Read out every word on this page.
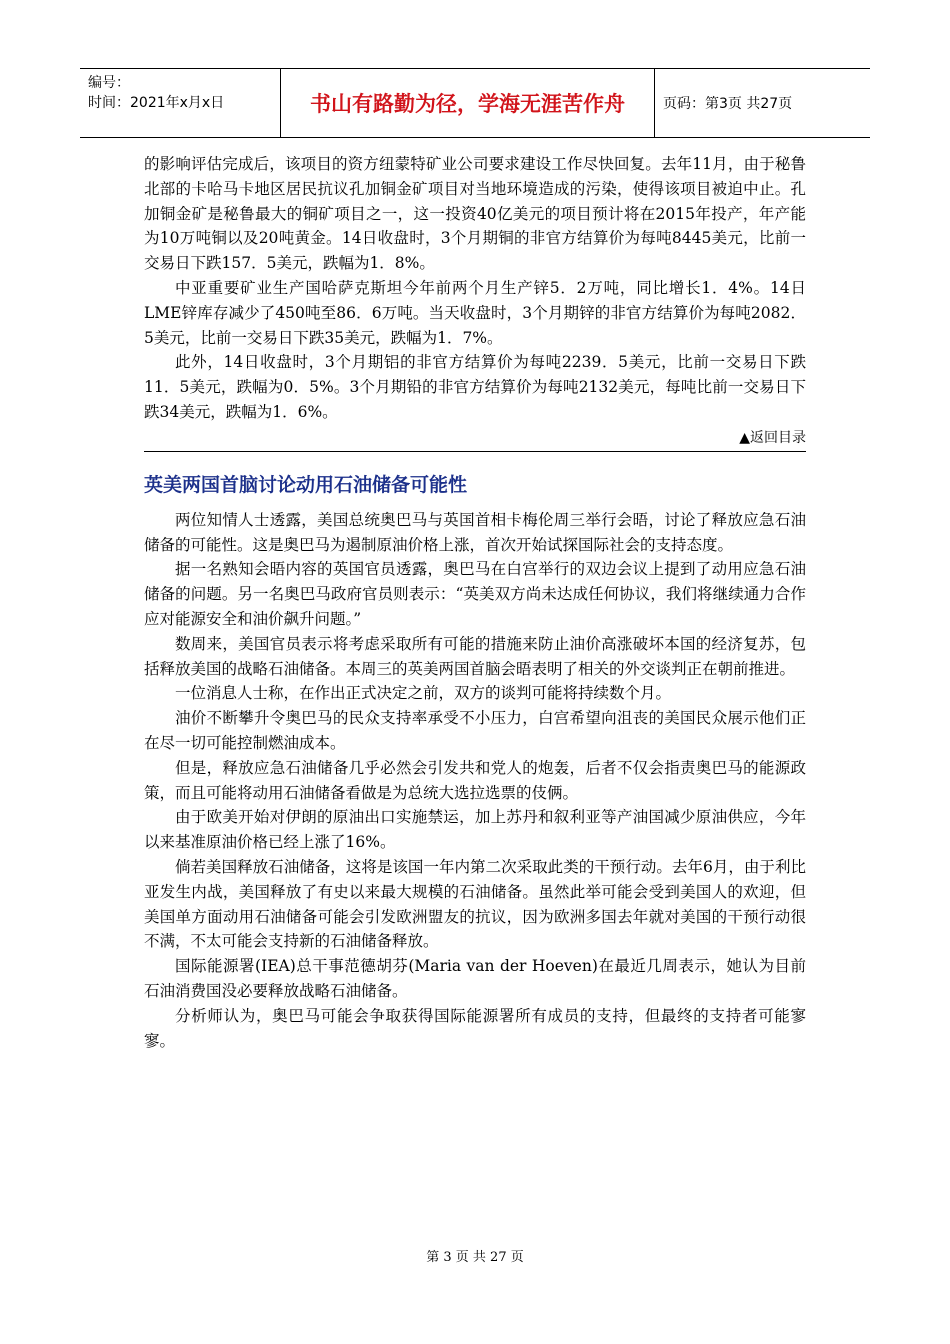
编号：
时间：2021年x月x日	书山有路勤为径，学海无涯苦作舟	页码：第3页 共27页

的影响评估完成后，该项目的资方纽蒙特矿业公司要求建设工作尽快回复。去年11月，由于秘鲁北部的卡哈马卡地区居民抗议孔加铜金矿项目对当地环境造成的污染，使得该项目被迫中止。孔加铜金矿是秘鲁最大的铜矿项目之一，这一投资40亿美元的项目预计将在2015年投产，年产能为10万吨铜以及20吨黄金。14日收盘时，3个月期铜的非官方结算价为每吨8445美元，比前一交易日下跌157．5美元，跌幅为1．8%。

中亚重要矿业生产国哈萨克斯坦今年前两个月生产锌5．2万吨，同比增长1．4%。14日LME锌库存减少了450吨至86．6万吨。当天收盘时，3个月期锌的非官方结算价为每吨2082．5美元，比前一交易日下跌35美元，跌幅为1．7%。

此外，14日收盘时，3个月期铝的非官方结算价为每吨2239．5美元，比前一交易日下跌11．5美元，跌幅为0．5%。3个月期铅的非官方结算价为每吨2132美元，每吨比前一交易日下跌34美元，跌幅为1．6%。

▲返回目录
英美两国首脑讨论动用石油储备可能性

两位知情人士透露，美国总统奥巴马与英国首相卡梅伦周三举行会晤，讨论了释放应急石油储备的可能性。这是奥巴马为遏制原油价格上涨，首次开始试探国际社会的支持态度。

据一名熟知会晤内容的英国官员透露，奥巴马在白宫举行的双边会议上提到了动用应急石油储备的问题。另一名奥巴马政府官员则表示：“英美双方尚未达成任何协议，我们将继续通力合作应对能源安全和油价飙升问题。”

数周来，美国官员表示将考虑采取所有可能的措施来防止油价高涨破坏本国的经济复苏，包括释放美国的战略石油储备。本周三的英美两国首脑会晤表明了相关的外交谈判正在朝前推进。

一位消息人士称，在作出正式决定之前，双方的谈判可能将持续数个月。

油价不断攀升令奥巴马的民众支持率承受不小压力，白宫希望向沮丧的美国民众展示他们正在尽一切可能控制燃油成本。

但是，释放应急石油储备几乎必然会引发共和党人的炮轰，后者不仅会指责奥巴马的能源政策，而且可能将动用石油储备看做是为总统大选拉选票的伎俩。

由于欧美开始对伊朗的原油出口实施禁运，加上苏丹和叙利亚等产油国减少原油供应，今年以来基准原油价格已经上涨了16%。

倘若美国释放石油储备，这将是该国一年内第二次采取此类的干预行动。去年6月，由于利比亚发生内战，美国释放了有史以来最大规模的石油储备。虽然此举可能会受到美国人的欢迎，但美国单方面动用石油储备可能会引发欧洲盟友的抗议，因为欧洲多国去年就对美国的干预行动很不满，不太可能会支持新的石油储备释放。

国际能源署(IEA)总干事范德胡芬(Maria van der Hoeven)在最近几周表示，她认为目前石油消费国没必要释放战略石油储备。

分析师认为，奥巴马可能会争取获得国际能源署所有成员的支持，但最终的支持者可能寥寥。

第 3 页 共 27 页
